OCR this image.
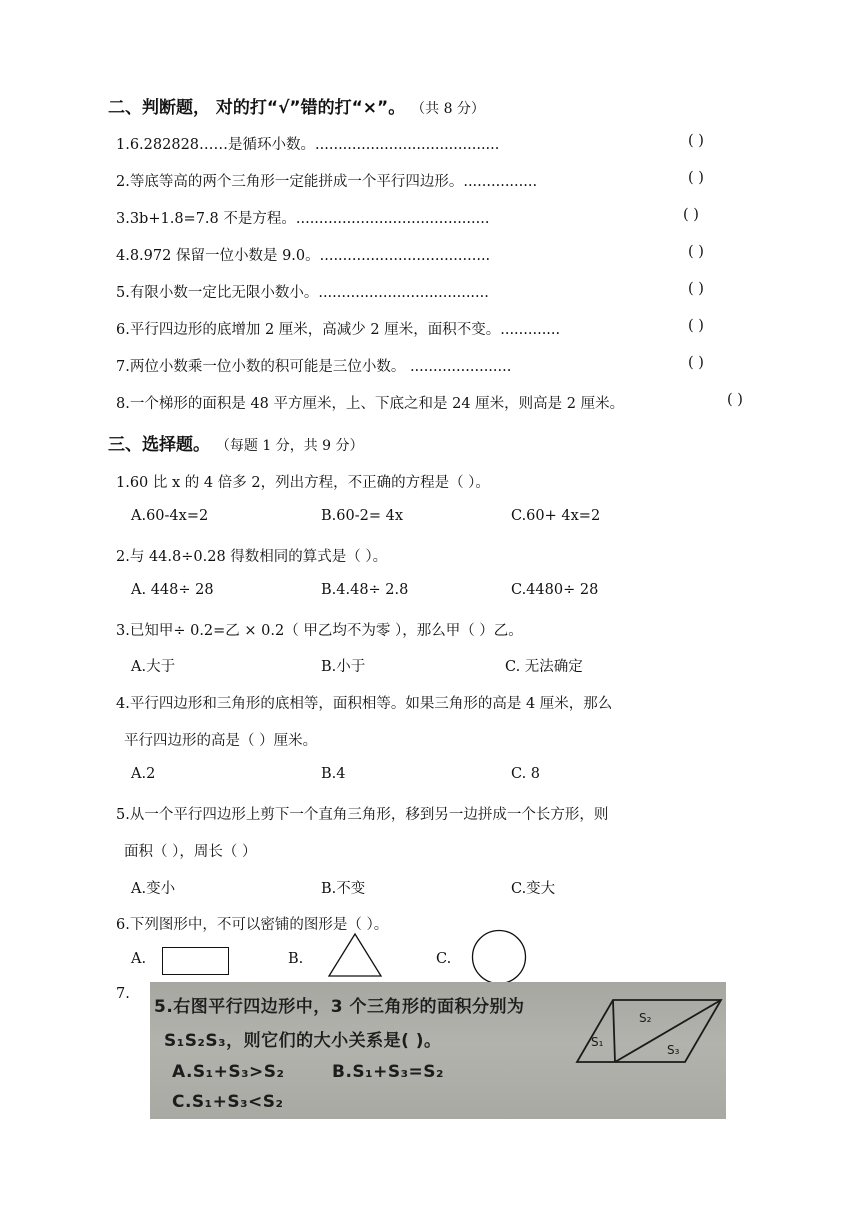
二、判断题， 对的打“√”错的打“×”。 （共 8 分）
1.6.282828……是循环小数。........................................	( )
2.等底等高的两个三角形一定能拼成一个平行四边形。................	( )
3.3b+1.8=7.8 不是方程。..........................................	( )
4.8.972 保留一位小数是 9.0。.....................................	( )
5.有限小数一定比无限小数小。.....................................	( )
6.平行四边形的底增加 2 厘米，高减少 2 厘米，面积不变。.............	( )
7.两位小数乘一位小数的积可能是三位小数。 ......................	( )
8.一个梯形的面积是 48 平方厘米，上、下底之和是 24 厘米，则高是 2 厘米。	( )
三、选择题。 （每题 1 分，共 9 分）
1.60 比 x 的 4 倍多 2，列出方程，不正确的方程是（ ）。
A.60-4x=2	B.60-2= 4x	C.60+ 4x=2
2.与 44.8÷0.28 得数相同的算式是（ ）。
A. 448÷ 28	B.4.48÷ 2.8	C.4480÷ 28
3.已知甲÷ 0.2=乙 × 0.2（ 甲乙均不为零 ），那么甲（ ）乙。
A.大于	B.小于	C. 无法确定
4.平行四边形和三角形的底相等，面积相等。如果三角形的高是 4 厘米，那么
平行四边形的高是（ ）厘米。
A.2	B.4	C. 8
5.从一个平行四边形上剪下一个直角三角形，移到另一边拼成一个长方形，则
面积（ ），周长（ ）
A.变小	B.不变	C.变大
6.下列图形中，不可以密铺的图形是（ ）。
A.	B.	C.
7.
5.右图平行四边形中，3 个三角形的面积分别为
S₁S₂S₃，则它们的大小关系是( )。
A.S₁+S₃>S₂	B.S₁+S₃=S₂
C.S₁+S₃<S₂
S₁
S₂
S₃
